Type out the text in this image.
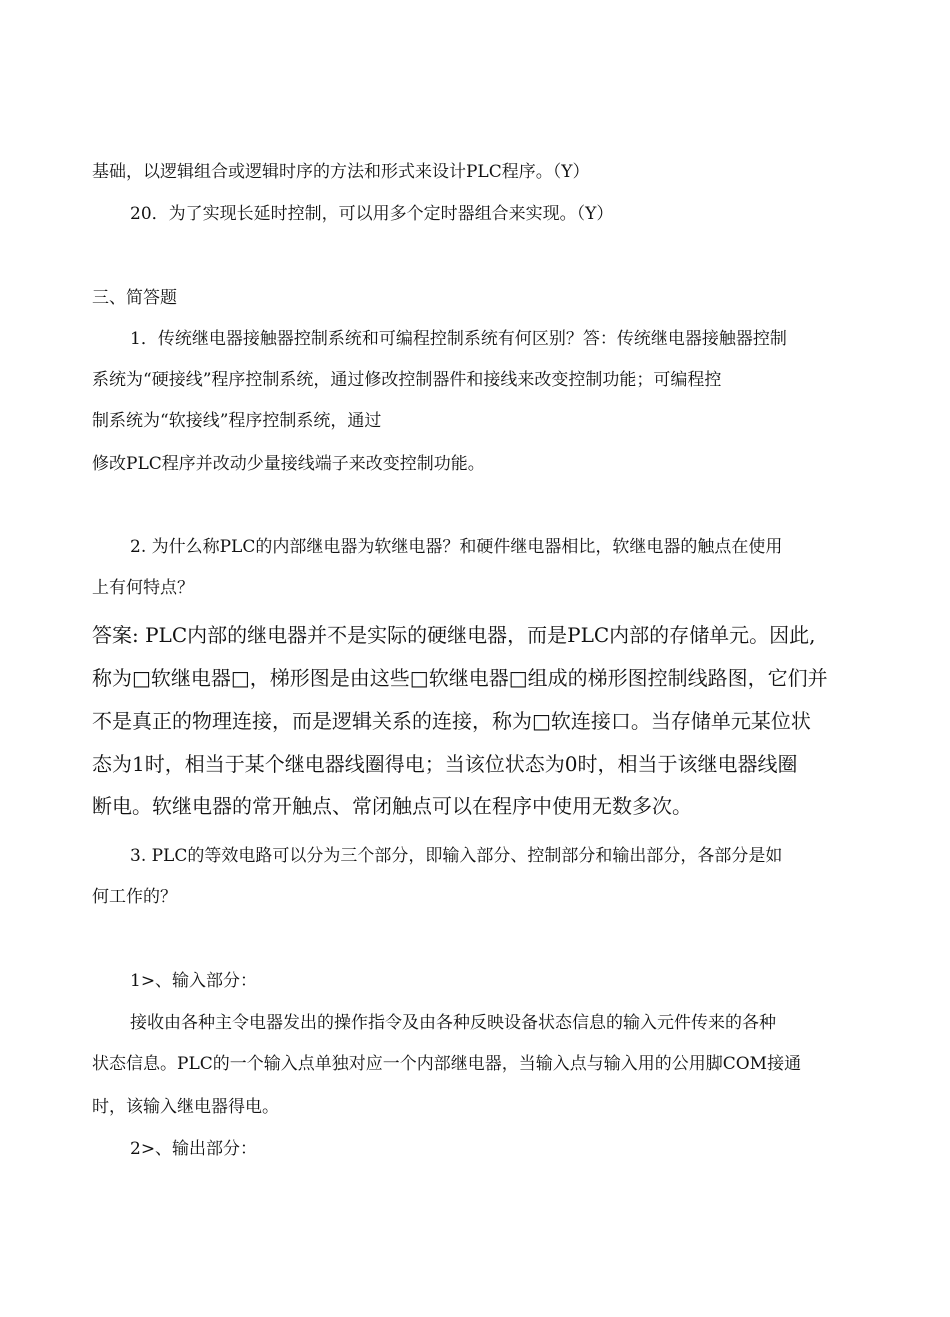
基础，以逻辑组合或逻辑时序的方法和形式来设计PLC程序。（Y）
20．为了实现长延时控制，可以用多个定时器组合来实现。（Y）
三、简答题
1．传统继电器接触器控制系统和可编程控制系统有何区别？答：传统继电器接触器控制
系统为“硬接线”程序控制系统，通过修改控制器件和接线来改变控制功能；可编程控
制系统为“软接线”程序控制系统，通过
修改PLC程序并改动少量接线端子来改变控制功能。
2. 为什么称PLC的内部继电器为软继电器？和硬件继电器相比，软继电器的触点在使用
上有何特点？
答案: PLC内部的继电器并不是实际的硬继电器，而是PLC内部的存储单元。因此,
称为□软继电器□，梯形图是由这些□软继电器□组成的梯形图控制线路图，它们并
不是真正的物理连接，而是逻辑关系的连接，称为□软连接口。当存储单元某位状
态为1时，相当于某个继电器线圈得电；当该位状态为0时，相当于该继电器线圈
断电。软继电器的常开触点、常闭触点可以在程序中使用无数多次。
3. PLC的等效电路可以分为三个部分，即输入部分、控制部分和输出部分，各部分是如
何工作的？
1>、输入部分：
接收由各种主令电器发出的操作指令及由各种反映设备状态信息的输入元件传来的各种
状态信息。PLC的一个输入点单独对应一个内部继电器，当输入点与输入用的公用脚COM接通
时，该输入继电器得电。
2>、输出部分：
